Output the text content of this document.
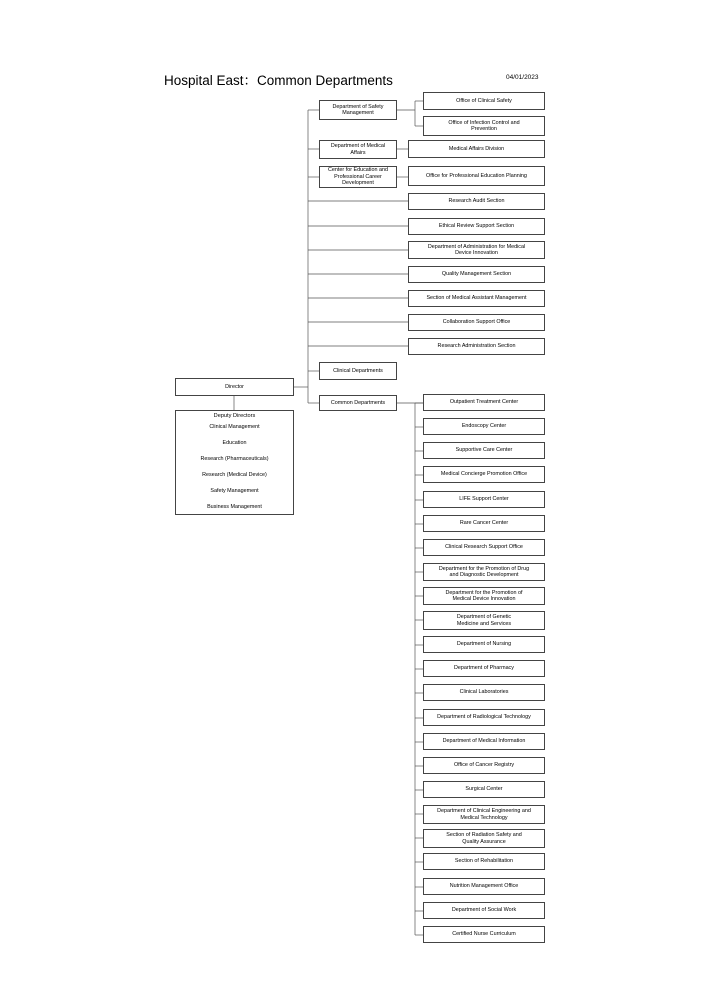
Hospital East：Common Departments	04/01/2023
Director
Deputy Directors
Clinical Management
Education
Research (Pharmaceuticals)
Research (Medical Device)
Safety Management
Business Management
Department of Safety
Management
Department of Medical
Affairs
Center for Education and
Professional Career
Development
Clinical Departments
Common Departments
Office of Clinical Safety
Office of Infection Control and
Prevention
Medical Affairs Division
Office for Professional Education Planning
Research Audit Section
Ethical Review Support Section
Department of Administration for Medical
Device Innovation
Quality Management Section
Section of Medical Assistant Management
Collaboration Support Office
Research Administration Section
Outpatient Treatment Center
Endoscopy Center
Supportive Care Center
Medical Concierge Promotion Office
LIFE Support Center
Rare Cancer Center
Clinical Research Support Office
Department for the Promotion of Drug
and Diagnostic Development
Department for the Promotion of
Medical Device Innovation
Department of Genetic
Medicine and Services
Department of Nursing
Department of Pharmacy
Clinical Laboratories
Department of Radiological Technology
Department of Medical Information
Office of Cancer Registry
Surgical Center
Department of Clinical Engineering and
Medical Technology
Section of Radiation Safety and
Quality Assurance
Section of Rehabilitation
Nutrition Management Office
Department of Social Work
Certified Nurse Curriculum
